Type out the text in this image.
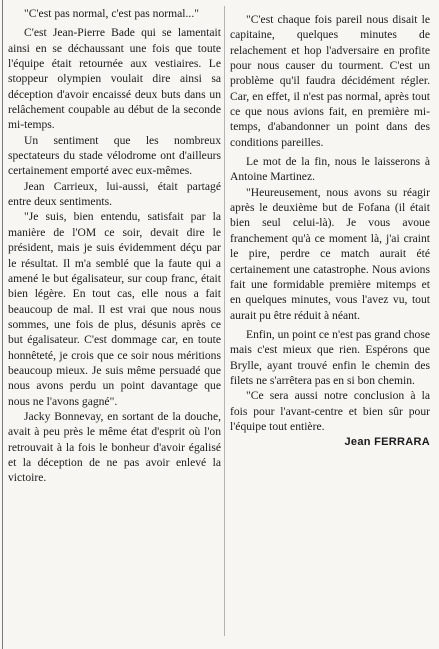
"C'est pas normal, c'est pas normal..."

C'est Jean-Pierre Bade qui se lamentait ainsi en se déchaussant une fois que toute l'équipe était retournée aux vestiaires. Le stoppeur olympien voulait dire ainsi sa déception d'avoir encaissé deux buts dans un relâchement coupable au début de la seconde mi-temps.

Un sentiment que les nombreux spectateurs du stade vélodrome ont d'ailleurs certainement emporté avec eux-mêmes.

Jean Carrieux, lui-aussi, était partagé entre deux sentiments.

"Je suis, bien entendu, satisfait par la manière de l'OM ce soir, devait dire le président, mais je suis évidemment déçu par le résultat. Il m'a semblé que la faute qui a amené le but égalisateur, sur coup franc, était bien légère. En tout cas, elle nous a fait beaucoup de mal. Il est vrai que nous nous sommes, une fois de plus, désunis après ce but égalisateur. C'est dommage car, en toute honnêteté, je crois que ce soir nous méritions beaucoup mieux. Je suis même persuadé que nous avons perdu un point davantage que nous ne l'avons gagné".

Jacky Bonnevay, en sortant de la douche, avait à peu près le même état d'esprit où l'on retrouvait à la fois le bonheur d'avoir égalisé et la déception de ne pas avoir enlevé la victoire.

"C'est chaque fois pareil nous disait le capitaine, quelques minutes de relachement et hop l'adversaire en profite pour nous causer du tourment. C'est un problème qu'il faudra décidément régler. Car, en effet, il n'est pas normal, après tout ce que nous avions fait, en première mi-temps, d'abandonner un point dans des conditions pareilles.

Le mot de la fin, nous le laisserons à Antoine Martinez.

"Heureusement, nous avons su réagir après le deuxième but de Fofana (il était bien seul celui-là). Je vous avoue franchement qu'à ce moment là, j'ai craint le pire, perdre ce match aurait été certainement une catastrophe. Nous avions fait une formidable première mitemps et en quelques minutes, vous l'avez vu, tout aurait pu être réduit à néant.

Enfin, un point ce n'est pas grand chose mais c'est mieux que rien. Espérons que Brylle, ayant trouvé enfin le chemin des filets ne s'arrêtera pas en si bon chemin.

"Ce sera aussi notre conclusion à la fois pour l'avant-centre et bien sûr pour l'équipe tout entière.

Jean FERRARA
